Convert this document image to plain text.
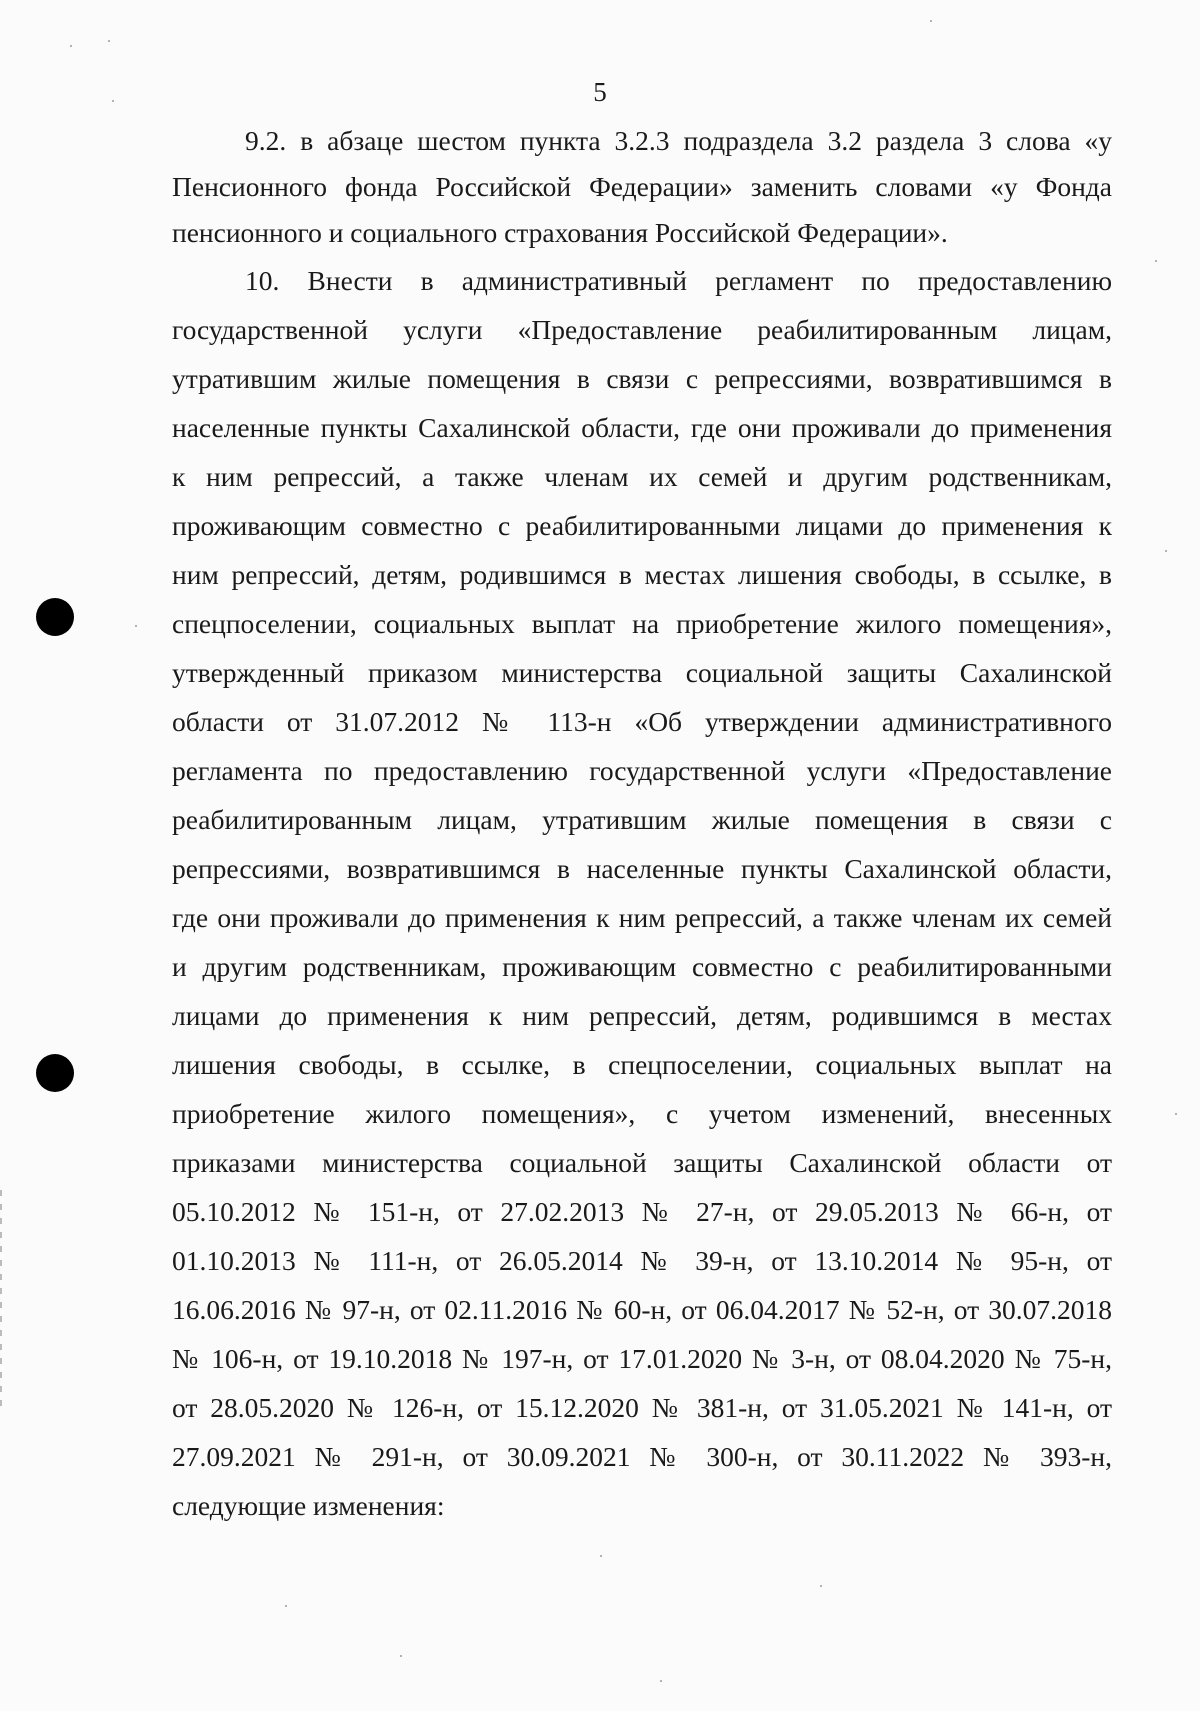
5
9.2. в абзаце шестом пункта 3.2.3 подраздела 3.2 раздела 3 слова «у
Пенсионного фонда Российской Федерации» заменить словами «у Фонда
пенсионного и социального страхования Российской Федерации».
10. Внести в административный регламент по предоставлению
государственной услуги «Предоставление реабилитированным лицам,
утратившим жилые помещения в связи с репрессиями, возвратившимся в
населенные пункты Сахалинской области, где они проживали до применения
к ним репрессий, а также членам их семей и другим родственникам,
проживающим совместно с реабилитированными лицами до применения к
ним репрессий, детям, родившимся в местах лишения свободы, в ссылке, в
спецпоселении, социальных выплат на приобретение жилого помещения»,
утвержденный приказом министерства социальной защиты Сахалинской
области от 31.07.2012 № 113-н «Об утверждении административного
регламента по предоставлению государственной услуги «Предоставление
реабилитированным лицам, утратившим жилые помещения в связи с
репрессиями, возвратившимся в населенные пункты Сахалинской области,
где они проживали до применения к ним репрессий, а также членам их семей
и другим родственникам, проживающим совместно с реабилитированными
лицами до применения к ним репрессий, детям, родившимся в местах
лишения свободы, в ссылке, в спецпоселении, социальных выплат на
приобретение жилого помещения», с учетом изменений, внесенных
приказами министерства социальной защиты Сахалинской области от
05.10.2012 № 151-н, от 27.02.2013 № 27-н, от 29.05.2013 № 66-н, от
01.10.2013 № 111-н, от 26.05.2014 № 39-н, от 13.10.2014 № 95-н, от
16.06.2016 № 97-н, от 02.11.2016 № 60-н, от 06.04.2017 № 52-н, от 30.07.2018
№ 106-н, от 19.10.2018 № 197-н, от 17.01.2020 № 3-н, от 08.04.2020 № 75-н,
от 28.05.2020 № 126-н, от 15.12.2020 № 381-н, от 31.05.2021 № 141-н, от
27.09.2021 № 291-н, от 30.09.2021 № 300-н, от 30.11.2022 № 393-н,
следующие изменения:
